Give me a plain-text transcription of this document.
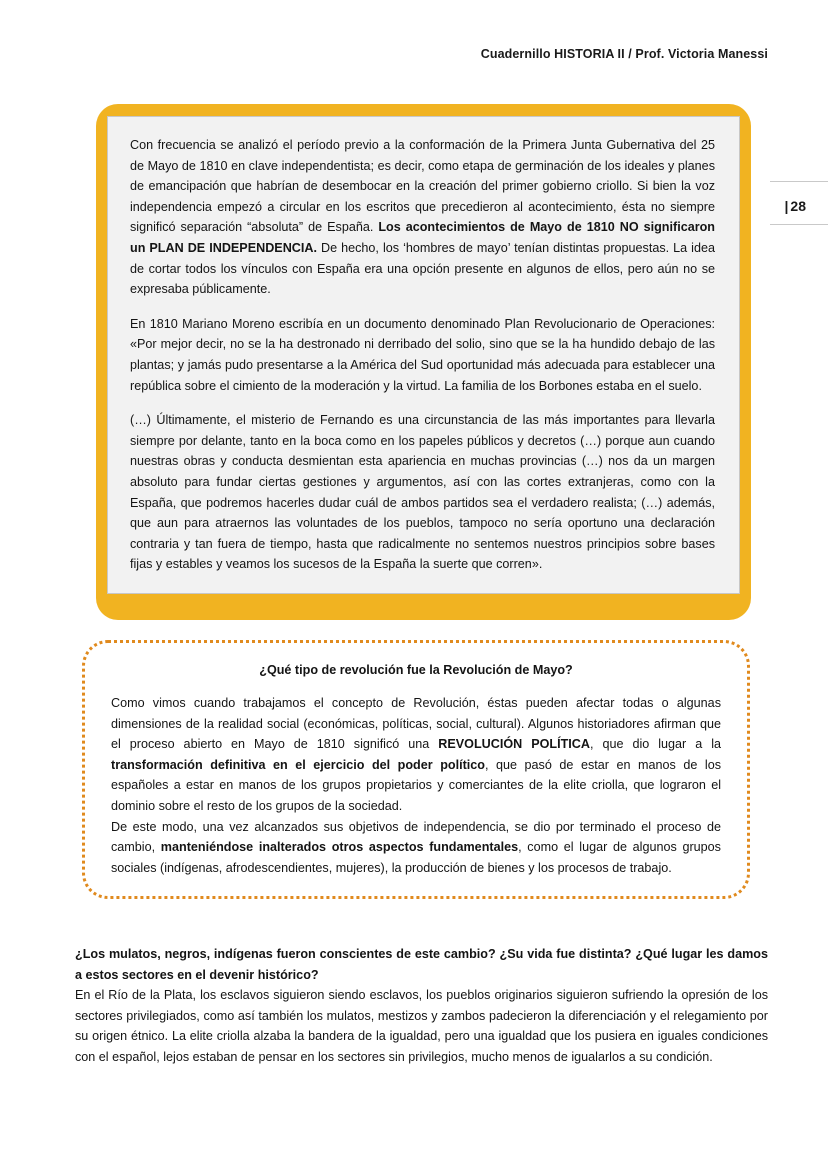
Cuadernillo HISTORIA II / Prof. Victoria Manessi
| 28

Con frecuencia se analizó el período previo a la conformación de la Primera Junta Gubernativa del 25 de Mayo de 1810 en clave independentista; es decir, como etapa de germinación de los ideales y planes de emancipación que habrían de desembocar en la creación del primer gobierno criollo. Si bien la voz independencia empezó a circular en los escritos que precedieron al acontecimiento, ésta no siempre significó separación “absoluta” de España. Los acontecimientos de Mayo de 1810 NO significaron un PLAN DE INDEPENDENCIA. De hecho, los ‘hombres de mayo’ tenían distintas propuestas. La idea de cortar todos los vínculos con España era una opción presente en algunos de ellos, pero aún no se expresaba públicamente.

En 1810 Mariano Moreno escribía en un documento denominado Plan Revolucionario de Operaciones: «Por mejor decir, no se la ha destronado ni derribado del solio, sino que se la ha hundido debajo de las plantas; y jamás pudo presentarse a la América del Sud oportunidad más adecuada para establecer una república sobre el cimiento de la moderación y la virtud. La familia de los Borbones estaba en el suelo.

(…) Últimamente, el misterio de Fernando es una circunstancia de las más importantes para llevarla siempre por delante, tanto en la boca como en los papeles públicos y decretos (…) porque aun cuando nuestras obras y conducta desmientan esta apariencia en muchas provincias (…) nos da un margen absoluto para fundar ciertas gestiones y argumentos, así con las cortes extranjeras, como con la España, que podremos hacerles dudar cuál de ambos partidos sea el verdadero realista; (…) además, que aun para atraernos las voluntades de los pueblos, tampoco no sería oportuno una declaración contraria y tan fuera de tiempo, hasta que radicalmente no sentemos nuestros principios sobre bases fijas y estables y veamos los sucesos de la España la suerte que corren».

¿Qué tipo de revolución fue la Revolución de Mayo?

Como vimos cuando trabajamos el concepto de Revolución, éstas pueden afectar todas o algunas dimensiones de la realidad social (económicas, políticas, social, cultural). Algunos historiadores afirman que el proceso abierto en Mayo de 1810 significó una REVOLUCIÓN POLÍTICA, que dio lugar a la transformación definitiva en el ejercicio del poder político, que pasó de estar en manos de los españoles a estar en manos de los grupos propietarios y comerciantes de la elite criolla, que lograron el dominio sobre el resto de los grupos de la sociedad.

De este modo, una vez alcanzados sus objetivos de independencia, se dio por terminado el proceso de cambio, manteniéndose inalterados otros aspectos fundamentales, como el lugar de algunos grupos sociales (indígenas, afrodescendientes, mujeres), la producción de bienes y los procesos de trabajo.

¿Los mulatos, negros, indígenas fueron conscientes de este cambio? ¿Su vida fue distinta? ¿Qué lugar les damos a estos sectores en el devenir histórico?

En el Río de la Plata, los esclavos siguieron siendo esclavos, los pueblos originarios siguieron sufriendo la opresión de los sectores privilegiados, como así también los mulatos, mestizos y zambos padecieron la diferenciación y el relegamiento por su origen étnico. La elite criolla alzaba la bandera de la igualdad, pero una igualdad que los pusiera en iguales condiciones con el español, lejos estaban de pensar en los sectores sin privilegios, mucho menos de igualarlos a su condición.
